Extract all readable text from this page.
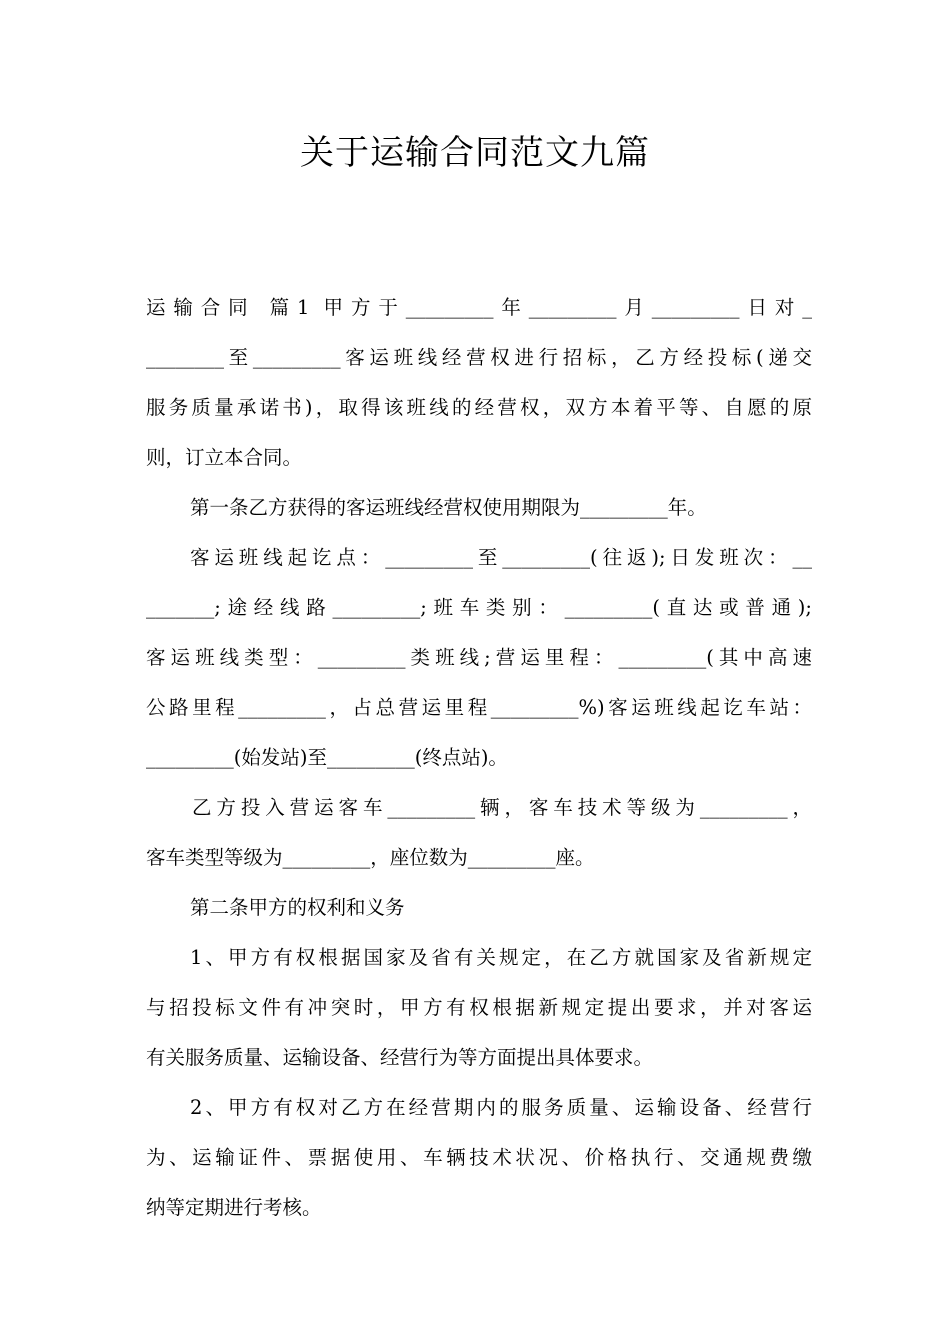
关于运输合同范文九篇
运输合同 篇1 甲方于_________年_________月_________日对_
________至_________客运班线经营权进行招标，乙方经投标(递交
服务质量承诺书)，取得该班线的经营权，双方本着平等、自愿的原
则，订立本合同。
第一条乙方获得的客运班线经营权使用期限为_________年。
客运班线起讫点：_________至_________(往返);日发班次：__
_______;途经线路_________;班车类别：_________(直达或普通);
客运班线类型：_________类班线;营运里程：_________(其中高速
公路里程_________，占总营运里程_________%)客运班线起讫车站：
_________(始发站)至_________(终点站)。
乙方投入营运客车_________辆，客车技术等级为_________，
客车类型等级为_________，座位数为_________座。
第二条甲方的权利和义务
1、甲方有权根据国家及省有关规定，在乙方就国家及省新规定
与招投标文件有冲突时，甲方有权根据新规定提出要求，并对客运
有关服务质量、运输设备、经营行为等方面提出具体要求。
2、甲方有权对乙方在经营期内的服务质量、运输设备、经营行
为、运输证件、票据使用、车辆技术状况、价格执行、交通规费缴
纳等定期进行考核。
